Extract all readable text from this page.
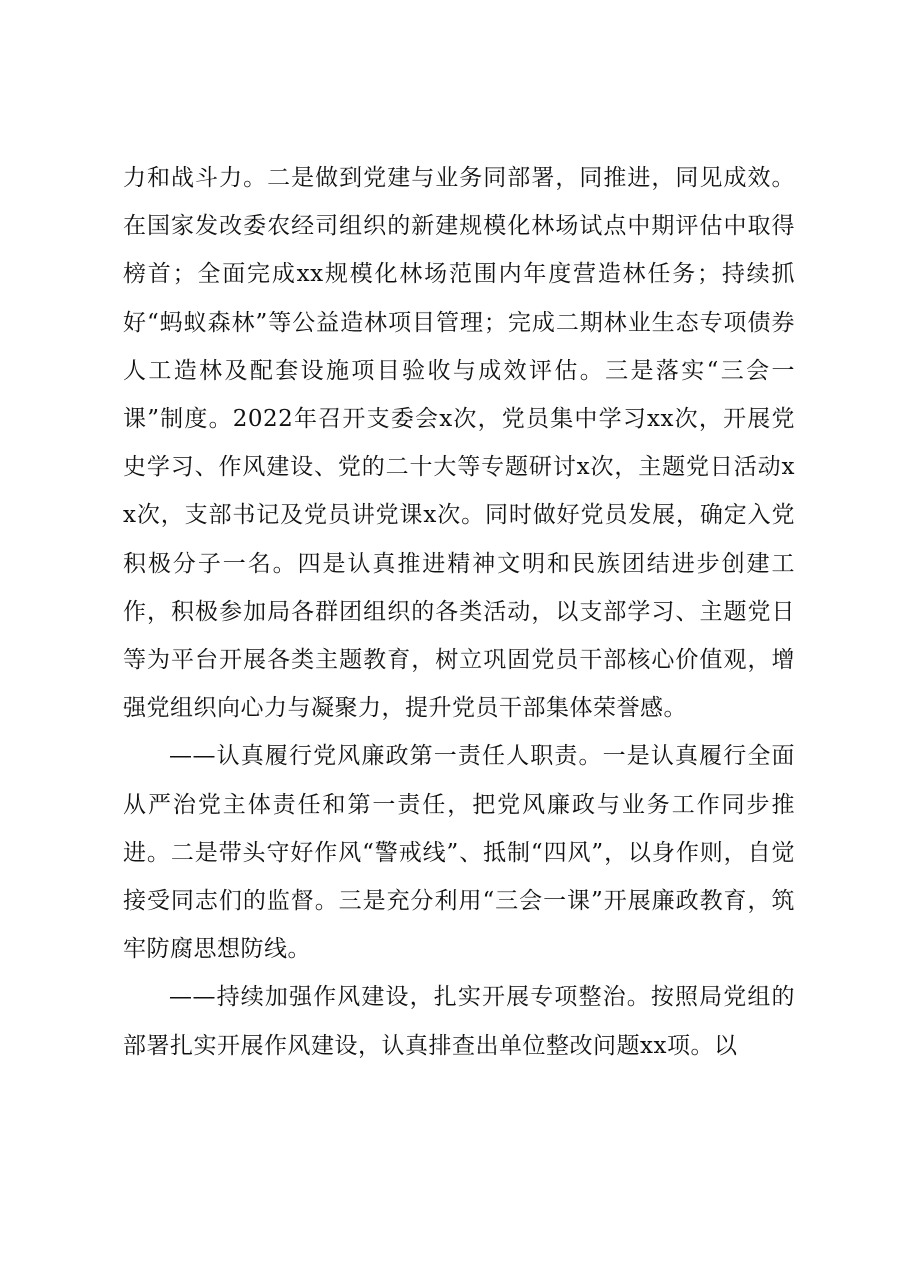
力和战斗力。二是做到党建与业务同部署，同推进，同见成效。在国家发改委农经司组织的新建规模化林场试点中期评估中取得榜首；全面完成xx规模化林场范围内年度营造林任务；持续抓好“蚂蚁森林”等公益造林项目管理；完成二期林业生态专项债券人工造林及配套设施项目验收与成效评估。三是落实“三会一课”制度。2022年召开支委会x次，党员集中学习xx次，开展党史学习、作风建设、党的二十大等专题研讨x次，主题党日活动xx次，支部书记及党员讲党课x次。同时做好党员发展，确定入党积极分子一名。四是认真推进精神文明和民族团结进步创建工作，积极参加局各群团组织的各类活动，以支部学习、主题党日等为平台开展各类主题教育，树立巩固党员干部核心价值观，增强党组织向心力与凝聚力，提升党员干部集体荣誉感。

——认真履行党风廉政第一责任人职责。一是认真履行全面从严治党主体责任和第一责任，把党风廉政与业务工作同步推进。二是带头守好作风“警戒线”、抵制“四风”，以身作则，自觉接受同志们的监督。三是充分利用“三会一课”开展廉政教育，筑牢防腐思想防线。

——持续加强作风建设，扎实开展专项整治。按照局党组的部署扎实开展作风建设，认真排查出单位整改问题xx项。以
